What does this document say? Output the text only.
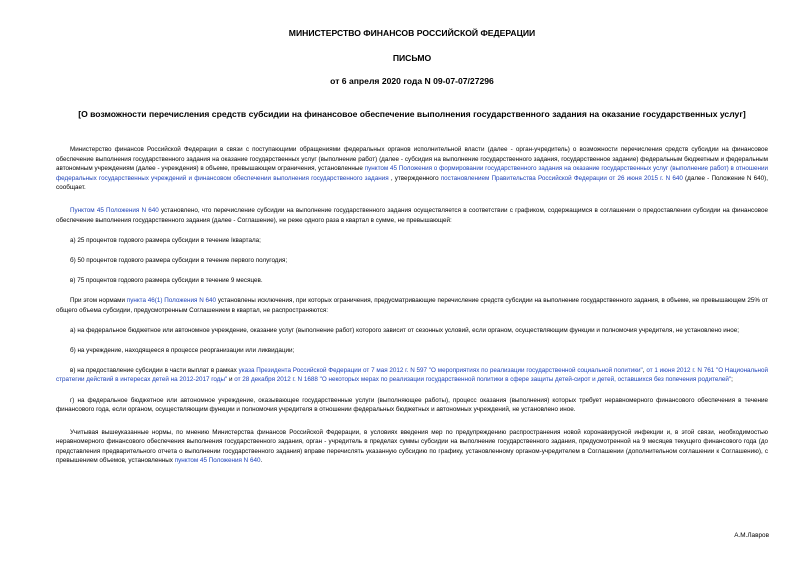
МИНИСТЕРСТВО ФИНАНСОВ РОССИЙСКОЙ ФЕДЕРАЦИИ

ПИСЬМО

от 6 апреля 2020 года N 09-07-07/27296

[О возможности перечисления средств субсидии на финансовое обеспечение выполнения государственного задания на оказание государственных услуг]

Министерство финансов Российской Федерации в связи с поступающими обращениями федеральных органов исполнительной власти (далее - орган-учредитель) о возможности перечисления средств субсидии на финансовое обеспечение выполнения государственного задания на оказание государственных услуг (выполнение работ) (далее - субсидия на выполнение государственного задания, государственное задание) федеральным бюджетным и федеральным автономным учреждениям (далее - учреждения) в объеме, превышающем ограничения, установленные пунктом 45 Положения о формировании государственного задания на оказание государственных услуг (выполнение работ) в отношении федеральных государственных учреждений и финансовом обеспечении выполнения государственного задания , утвержденного постановлением Правительства Российской Федерации от 26 июня 2015 г. N 640 (далее - Положение N 640), сообщает.

Пунктом 45 Положения N 640 установлено, что перечисление субсидии на выполнение государственного задания осуществляется в соответствии с графиком, содержащимся в соглашении о предоставлении субсидии на финансовое обеспечение выполнения государственного задания (далее - Соглашение), не реже одного раза в квартал в сумме, не превышающей:

а) 25 процентов годового размера субсидии в течение Iквартала;

б) 50 процентов годового размера субсидии в течение первого полугодия;

в) 75 процентов годового размера субсидии в течение 9 месяцев.

При этом нормами пункта 46(1) Положения N 640 установлены исключения, при которых ограничения, предусматривающие перечисление средств субсидии на выполнение государственного задания, в объеме, не превышающем 25% от общего объема субсидии, предусмотренным Соглашением в квартал, не распространяются:

а) на федеральное бюджетное или автономное учреждение, оказание услуг (выполнение работ) которого зависит от сезонных условий, если органом, осуществляющим функции и полномочия учредителя, не установлено иное;

б) на учреждение, находящееся в процессе реорганизации или ликвидации;

в) на предоставление субсидии в части выплат в рамках указа Президента Российской Федерации от 7 мая 2012 г. N 597 "О мероприятиях по реализации государственной социальной политики", от 1 июня 2012 г. N 761 "О Национальной стратегии действий в интересах детей на 2012-2017 годы" и от 28 декабря 2012 г. N 1688 "О некоторых мерах по реализации государственной политики в сфере защиты детей-сирот и детей, оставшихся без попечения родителей";

г) на федеральное бюджетное или автономное учреждение, оказывающее государственные услуги (выполняющее работы), процесс оказания (выполнения) которых требует неравномерного финансового обеспечения в течение финансового года, если органом, осуществляющим функции и полномочия учредителя в отношении федеральных бюджетных и автономных учреждений, не установлено иное.

Учитывая вышеуказанные нормы, по мнению Министерства финансов Российской Федерации, в условиях введения мер по предупреждению распространения новой коронавирусной инфекции и, в этой связи, необходимостью неравномерного финансового обеспечения выполнения государственного задания, орган - учредитель в пределах суммы субсидии на выполнение государственного задания, предусмотренной на 9 месяцев текущего финансового года (до представления предварительного отчета о выполнении государственного задания) вправе перечислять указанную субсидию по графику, установленному органом-учредителем в Соглашении (дополнительном соглашении к Соглашению), с превышением объемов, установленных пунктом 45 Положения N 640.

А.М.Лавров
